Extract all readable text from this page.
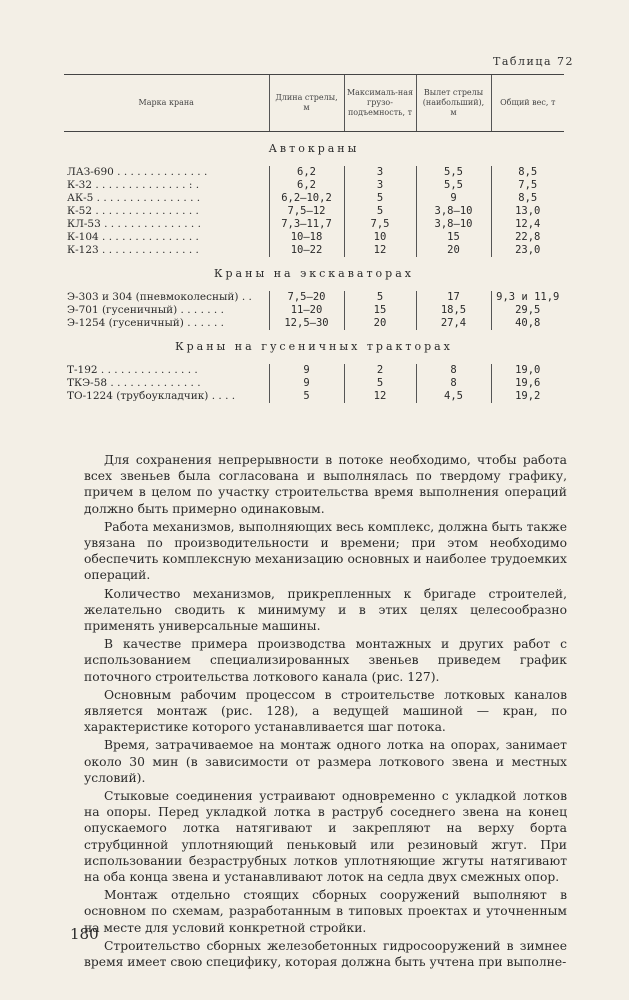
Таблица 72
Марка крана	Длина стрелы, м	Максималь-ная грузо-подъемность, т	Вылет стрелы (наибольший), м	Общий вес, т
Автокраны				
ЛАЗ-690 . . . . . . . . . . . . . .	6,2	3	5,5	8,5
К-32 . . . . . . . . . . . . . . : .	6,2	3	5,5	7,5
АК-5 . . . . . . . . . . . . . . . .	6,2—10,2	5	9	8,5
К-52 . . . . . . . . . . . . . . . .	7,5—12	5	3,8—10	13,0
КЛ-53 . . . . . . . . . . . . . . .	7,3—11,7	7,5	3,8—10	12,4
К-104 . . . . . . . . . . . . . . .	10—18	10	15	22,8
К-123 . . . . . . . . . . . . . . .	10—22	12	20	23,0
Краны на экскаваторах				
Э-303 и 304 (пневмоколесный) . .	7,5—20	5	17	9,3 и 11,9
Э-701 (гусеничный) . . . . . . .	11—20	15	18,5	29,5
Э-1254 (гусеничный) . . . . . .	12,5—30	20	27,4	40,8
Краны на гусеничных тракторах				
Т-192 . . . . . . . . . . . . . . .	9	2	8	19,0
ТКЭ-58 . . . . . . . . . . . . . .	9	5	8	19,6
ТО-1224 (трубоукладчик) . . . .	5	12	4,5	19,2

Для сохранения непрерывности в потоке необходимо, чтобы работа всех звеньев была согласована и выполнялась по твердому графику, причем в целом по участку строительства время выполнения операций должно быть примерно одинаковым.

Работа механизмов, выполняющих весь комплекс, должна быть также увязана по производительности и времени; при этом необходимо обеспечить комплексную механизацию основных и наиболее трудоемких операций.

Количество механизмов, прикрепленных к бригаде строителей, желательно сводить к минимуму и в этих целях целесообразно применять универсальные машины.

В качестве примера производства монтажных и других работ с использованием специализированных звеньев приведем график поточного строительства лоткового канала (рис. 127).

Основным рабочим процессом в строительстве лотковых каналов является монтаж (рис. 128), а ведущей машиной — кран, по характеристике которого устанавливается шаг потока.

Время, затрачиваемое на монтаж одного лотка на опорах, занимает около 30 мин (в зависимости от размера лоткового звена и местных условий).

Стыковые соединения устраивают одновременно с укладкой лотков на опоры. Перед укладкой лотка в раструб соседнего звена на конец опускаемого лотка натягивают и закрепляют на верху борта струбцинной уплотняющий пеньковый или резиновый жгут. При использовании безраструбных лотков уплотняющие жгуты натягивают на оба конца звена и устанавливают лоток на седла двух смежных опор.

Монтаж отдельно стоящих сборных сооружений выполняют в основном по схемам, разработанным в типовых проектах и уточненным на месте для условий конкретной стройки.

Строительство сборных железобетонных гидросооружений в зимнее время имеет свою специфику, которая должна быть учтена при выполне-

180
